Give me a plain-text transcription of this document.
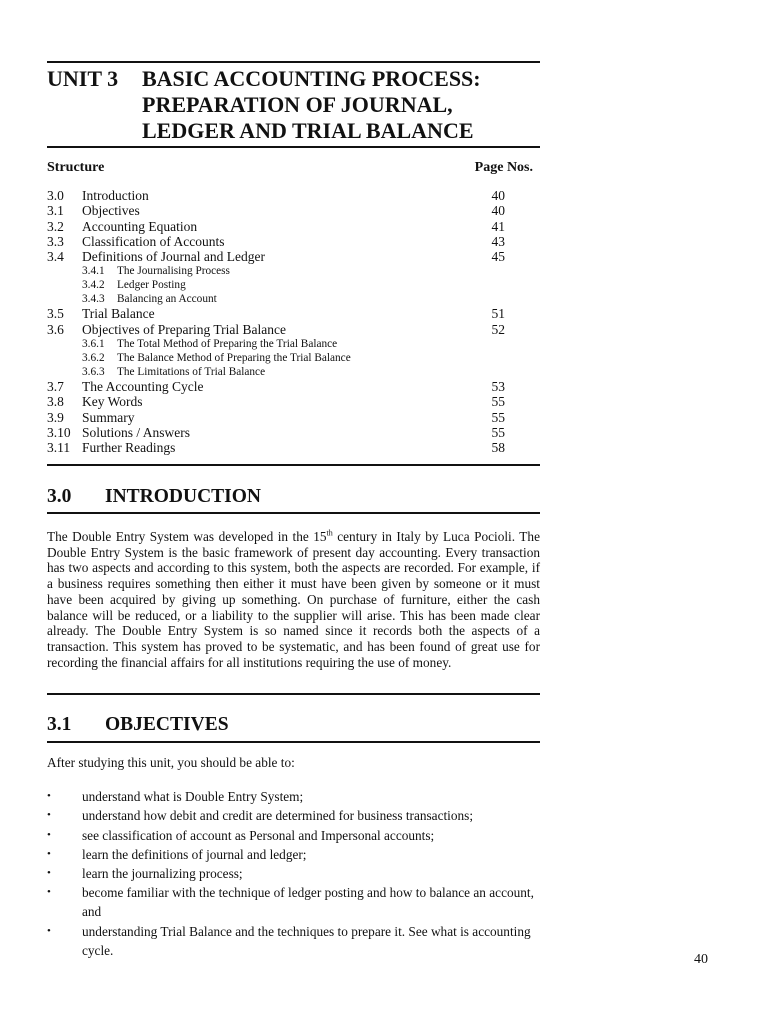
UNIT 3 BASIC ACCOUNTING PROCESS:
PREPARATION OF JOURNAL,
LEDGER AND TRIAL BALANCE
Structure	Page Nos.
3.0 Introduction	40
3.1 Objectives	40
3.2 Accounting Equation	41
3.3 Classification of Accounts	43
3.4 Definitions of Journal and Ledger	45
3.4.1 The Journalising Process
3.4.2 Ledger Posting
3.4.3 Balancing an Account
3.5 Trial Balance	51
3.6 Objectives of Preparing Trial Balance	52
3.6.1 The Total Method of Preparing the Trial Balance
3.6.2 The Balance Method of Preparing the Trial Balance
3.6.3 The Limitations of Trial Balance
3.7 The Accounting Cycle	53
3.8 Key Words	55
3.9 Summary	55
3.10 Solutions / Answers	55
3.11 Further Readings	58
3.0 INTRODUCTION
The Double Entry System was developed in the 15th century in Italy by Luca Pocioli. The Double Entry System is the basic framework of present day accounting. Every transaction has two aspects and according to this system, both the aspects are recorded. For example, if a business requires something then either it must have been given by someone or it must have been acquired by giving up something. On purchase of furniture, either the cash balance will be reduced, or a liability to the supplier will arise. This has been made clear already. The Double Entry System is so named since it records both the aspects of a transaction. This system has proved to be systematic, and has been found of great use for recording the financial affairs for all institutions requiring the use of money.
3.1 OBJECTIVES
After studying this unit, you should be able to:
• understand what is Double Entry System;
• understand how debit and credit are determined for business transactions;
• see classification of account as Personal and Impersonal accounts;
• learn the definitions of journal and ledger;
• learn the journalizing process;
• become familiar with the technique of ledger posting and how to balance an account, and
• understanding Trial Balance and the techniques to prepare it. See what is accounting cycle.
40
